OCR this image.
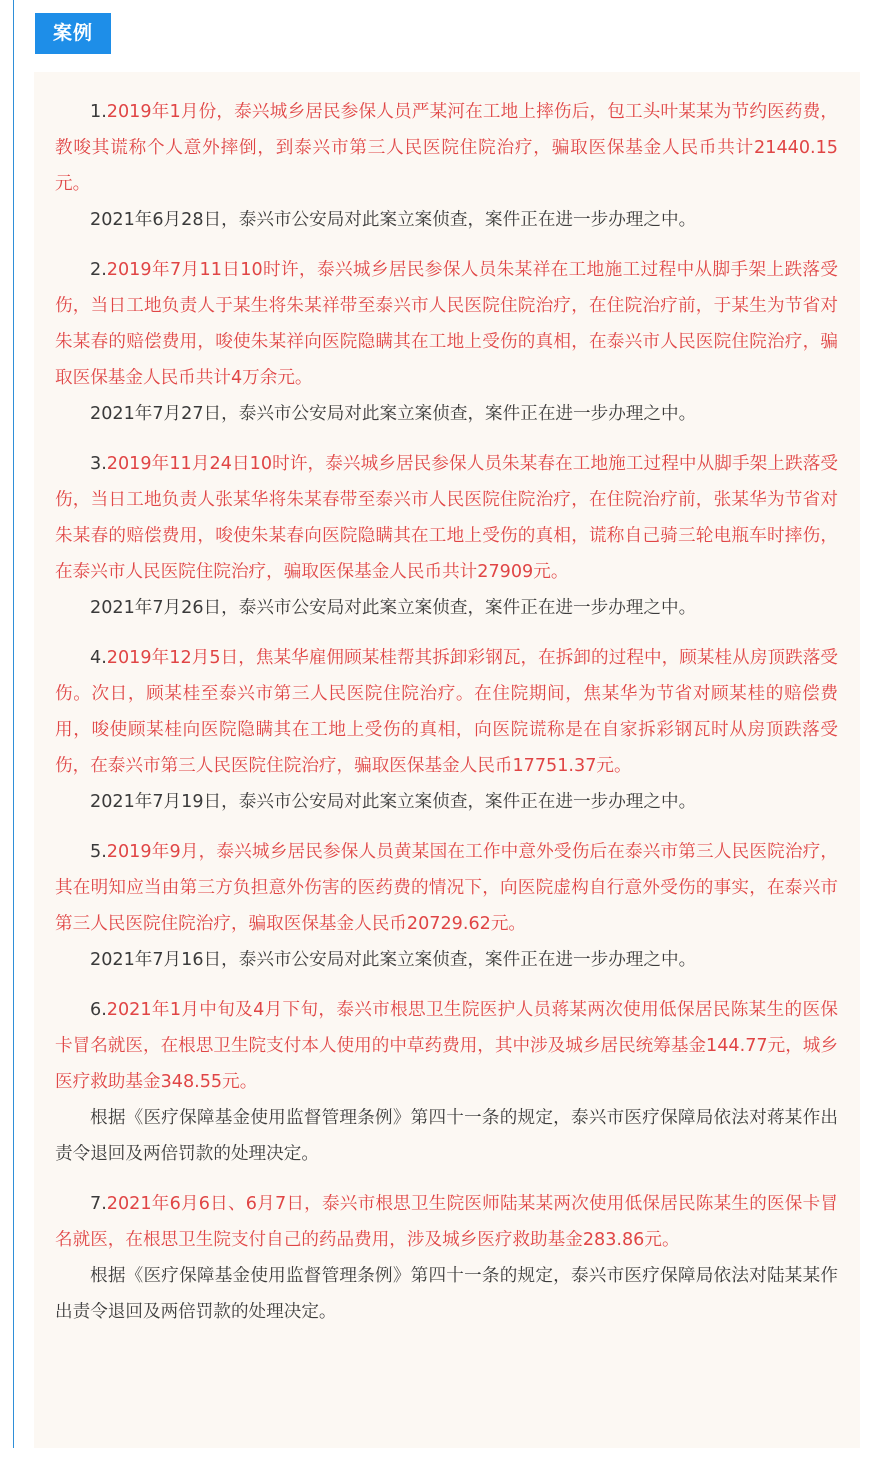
案例

1.2019年1月份，泰兴城乡居民参保人员严某河在工地上摔伤后，包工头叶某某为节约医药费，教唆其谎称个人意外摔倒，到泰兴市第三人民医院住院治疗，骗取医保基金人民币共计21440.15元。

2021年6月28日，泰兴市公安局对此案立案侦查，案件正在进一步办理之中。

2.2019年7月11日10时许，泰兴城乡居民参保人员朱某祥在工地施工过程中从脚手架上跌落受伤，当日工地负责人于某生将朱某祥带至泰兴市人民医院住院治疗，在住院治疗前，于某生为节省对朱某春的赔偿费用，唆使朱某祥向医院隐瞒其在工地上受伤的真相，在泰兴市人民医院住院治疗，骗取医保基金人民币共计4万余元。

2021年7月27日，泰兴市公安局对此案立案侦查，案件正在进一步办理之中。

3.2019年11月24日10时许，泰兴城乡居民参保人员朱某春在工地施工过程中从脚手架上跌落受伤，当日工地负责人张某华将朱某春带至泰兴市人民医院住院治疗，在住院治疗前，张某华为节省对朱某春的赔偿费用，唆使朱某春向医院隐瞒其在工地上受伤的真相，谎称自己骑三轮电瓶车时摔伤，在泰兴市人民医院住院治疗，骗取医保基金人民币共计27909元。

2021年7月26日，泰兴市公安局对此案立案侦查，案件正在进一步办理之中。

4.2019年12月5日，焦某华雇佣顾某桂帮其拆卸彩钢瓦，在拆卸的过程中，顾某桂从房顶跌落受伤。次日，顾某桂至泰兴市第三人民医院住院治疗。在住院期间，焦某华为节省对顾某桂的赔偿费用，唆使顾某桂向医院隐瞒其在工地上受伤的真相，向医院谎称是在自家拆彩钢瓦时从房顶跌落受伤，在泰兴市第三人民医院住院治疗，骗取医保基金人民币17751.37元。

2021年7月19日，泰兴市公安局对此案立案侦查，案件正在进一步办理之中。

5.2019年9月，泰兴城乡居民参保人员黄某国在工作中意外受伤后在泰兴市第三人民医院治疗，其在明知应当由第三方负担意外伤害的医药费的情况下，向医院虚构自行意外受伤的事实，在泰兴市第三人民医院住院治疗，骗取医保基金人民币20729.62元。

2021年7月16日，泰兴市公安局对此案立案侦查，案件正在进一步办理之中。

6.2021年1月中旬及4月下旬，泰兴市根思卫生院医护人员蒋某两次使用低保居民陈某生的医保卡冒名就医，在根思卫生院支付本人使用的中草药费用，其中涉及城乡居民统筹基金144.77元，城乡医疗救助基金348.55元。

根据《医疗保障基金使用监督管理条例》第四十一条的规定，泰兴市医疗保障局依法对蒋某作出责令退回及两倍罚款的处理决定。

7.2021年6月6日、6月7日，泰兴市根思卫生院医师陆某某两次使用低保居民陈某生的医保卡冒名就医，在根思卫生院支付自己的药品费用，涉及城乡医疗救助基金283.86元。

根据《医疗保障基金使用监督管理条例》第四十一条的规定，泰兴市医疗保障局依法对陆某某作出责令退回及两倍罚款的处理决定。
